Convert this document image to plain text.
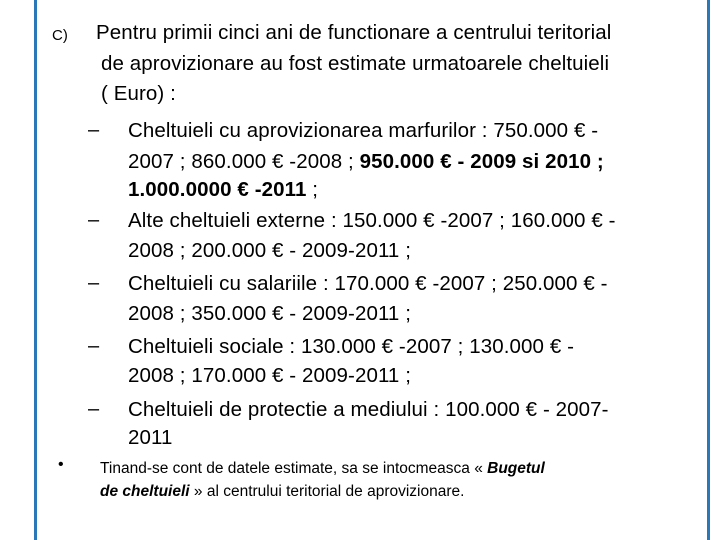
C) Pentru primii cinci ani de functionare a centrului teritorial
de aprovizionare au fost estimate urmatoarele cheltuieli
( Euro) :
– Cheltuieli cu aprovizionarea marfurilor : 750.000 € -
2007 ; 860.000 € -2008 ; 950.000 € - 2009 si 2010 ;
1.000.0000 € -2011 ;
– Alte cheltuieli externe : 150.000 € -2007 ; 160.000 € -
2008 ; 200.000 € - 2009-2011 ;
– Cheltuieli cu salariile : 170.000 € -2007 ; 250.000 € -
2008 ; 350.000 € - 2009-2011 ;
– Cheltuieli sociale : 130.000 € -2007 ; 130.000 € -
2008 ; 170.000 € - 2009-2011 ;
– Cheltuieli de protectie a mediului : 100.000 € - 2007-
2011
• Tinand-se cont de datele estimate, sa se intocmeasca « Bugetul
de cheltuieli » al centrului teritorial de aprovizionare.
